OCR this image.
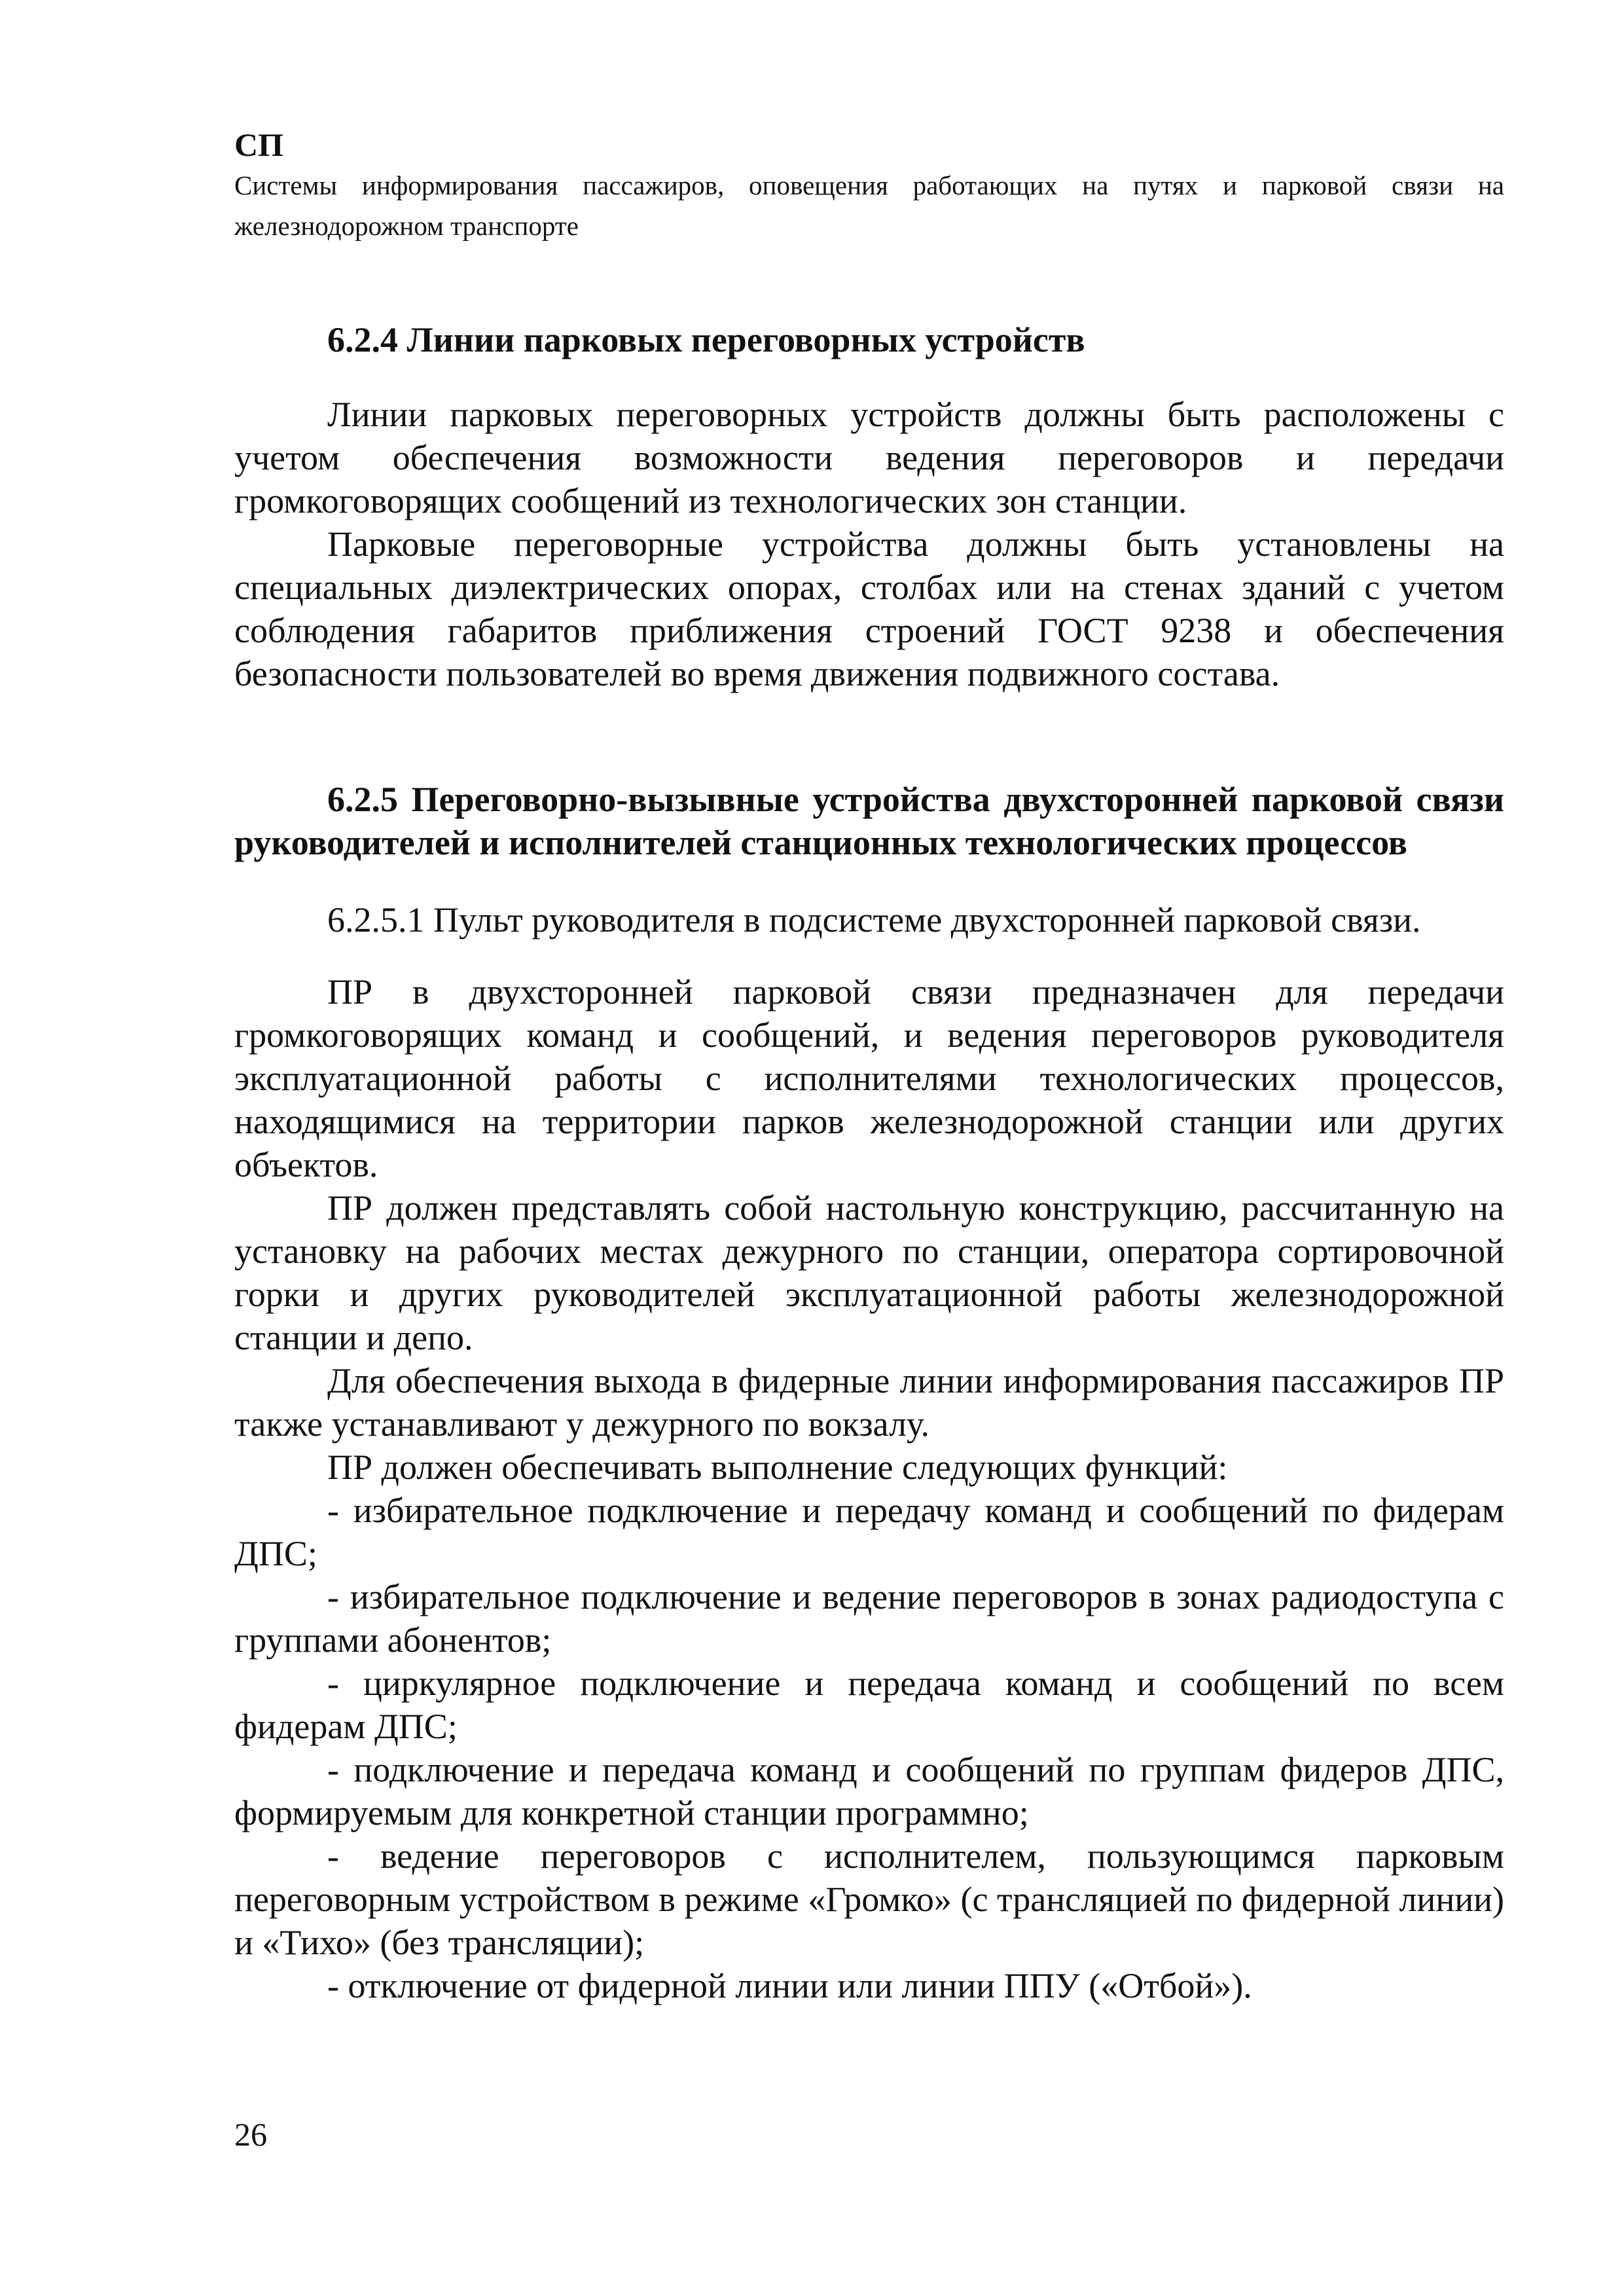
СП

Системы информирования пассажиров, оповещения работающих на путях и парковой связи на железнодорожном транспорте

6.2.4 Линии парковых переговорных устройств

Линии парковых переговорных устройств должны быть расположены с учетом обеспечения возможности ведения переговоров и передачи громкоговорящих сообщений из технологических зон станции.

Парковые переговорные устройства должны быть установлены на специальных диэлектрических опорах, столбах или на стенах зданий с учетом соблюдения габаритов приближения строений ГОСТ 9238 и обеспечения безопасности пользователей во время движения подвижного состава.

6.2.5 Переговорно-вызывные устройства двухсторонней парковой связи руководителей и исполнителей станционных технологических процессов

6.2.5.1 Пульт руководителя в подсистеме двухсторонней парковой связи.

ПР в двухсторонней парковой связи предназначен для передачи громкоговорящих команд и сообщений, и ведения переговоров руководителя эксплуатационной работы с исполнителями технологических процессов, находящимися на территории парков железнодорожной станции или других объектов.

ПР должен представлять собой настольную конструкцию, рассчитанную на установку на рабочих местах дежурного по станции, оператора сортировочной горки и других руководителей эксплуатационной работы железнодорожной станции и депо.

Для обеспечения выхода в фидерные линии информирования пассажиров ПР также устанавливают у дежурного по вокзалу.

ПР должен обеспечивать выполнение следующих функций:

- избирательное подключение и передачу команд и сообщений по фидерам ДПС;

- избирательное подключение и ведение переговоров в зонах радиодоступа с группами абонентов;

- циркулярное подключение и передача команд и сообщений по всем фидерам ДПС;

- подключение и передача команд и сообщений по группам фидеров ДПС, формируемым для конкретной станции программно;

- ведение переговоров с исполнителем, пользующимся парковым переговорным устройством в режиме «Громко» (с трансляцией по фидерной линии) и «Тихо» (без трансляции);

- отключение от фидерной линии или линии ППУ («Отбой»).

26
